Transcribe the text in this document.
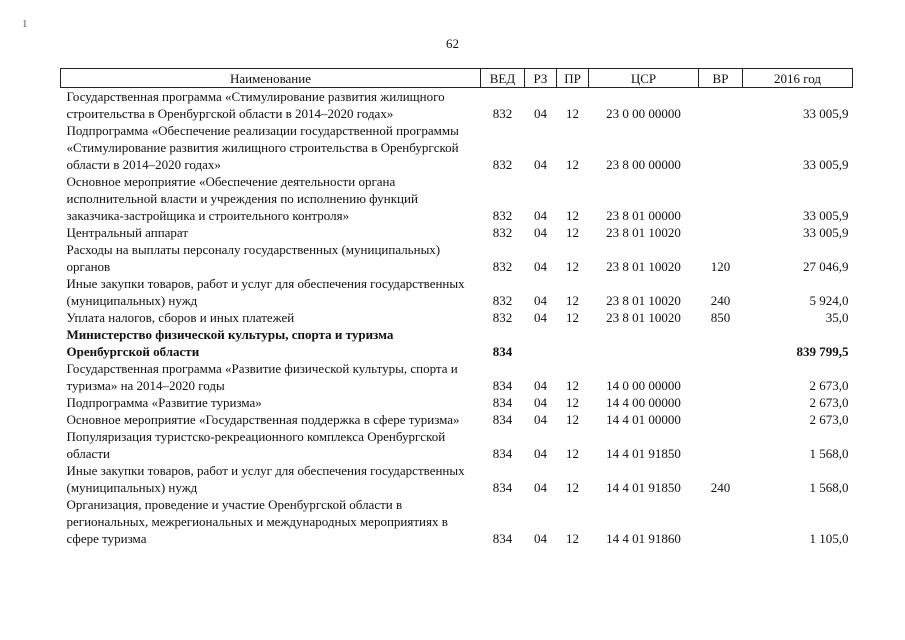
1
62
Наименование	ВЕД	РЗ	ПР	ЦСР	ВР	2016 год
Государственная программа «Стимулирование развития жилищного строительства в Оренбургской области в 2014–2020 годах»	832	04	12	23 0 00 00000		33 005,9
Подпрограмма «Обеспечение реализации государственной программы «Стимулирование развития жилищного строительства в Оренбургской области в 2014–2020 годах»	832	04	12	23 8 00 00000		33 005,9
Основное мероприятие «Обеспечение деятельности органа исполнительной власти и учреждения по исполнению функций заказчика-застройщика и строительного контроля»	832	04	12	23 8 01 00000		33 005,9
Центральный аппарат	832	04	12	23 8 01 10020		33 005,9
Расходы на выплаты персоналу государственных (муниципальных) органов	832	04	12	23 8 01 10020	120	27 046,9
Иные закупки товаров, работ и услуг для обеспечения государственных (муниципальных) нужд	832	04	12	23 8 01 10020	240	5 924,0
Уплата налогов, сборов и иных платежей	832	04	12	23 8 01 10020	850	35,0
Министерство физической культуры, спорта и туризма Оренбургской области	834					839 799,5
Государственная программа «Развитие физической культуры, спорта и туризма» на 2014–2020 годы	834	04	12	14 0 00 00000		2 673,0
Подпрограмма «Развитие туризма»	834	04	12	14 4 00 00000		2 673,0
Основное мероприятие «Государственная поддержка в сфере туризма»	834	04	12	14 4 01 00000		2 673,0
Популяризация туристско-рекреационного комплекса Оренбургской области	834	04	12	14 4 01 91850		1 568,0
Иные закупки товаров, работ и услуг для обеспечения государственных (муниципальных) нужд	834	04	12	14 4 01 91850	240	1 568,0
Организация, проведение и участие Оренбургской области в региональных, межрегиональных и международных мероприятиях в сфере туризма	834	04	12	14 4 01 91860		1 105,0
